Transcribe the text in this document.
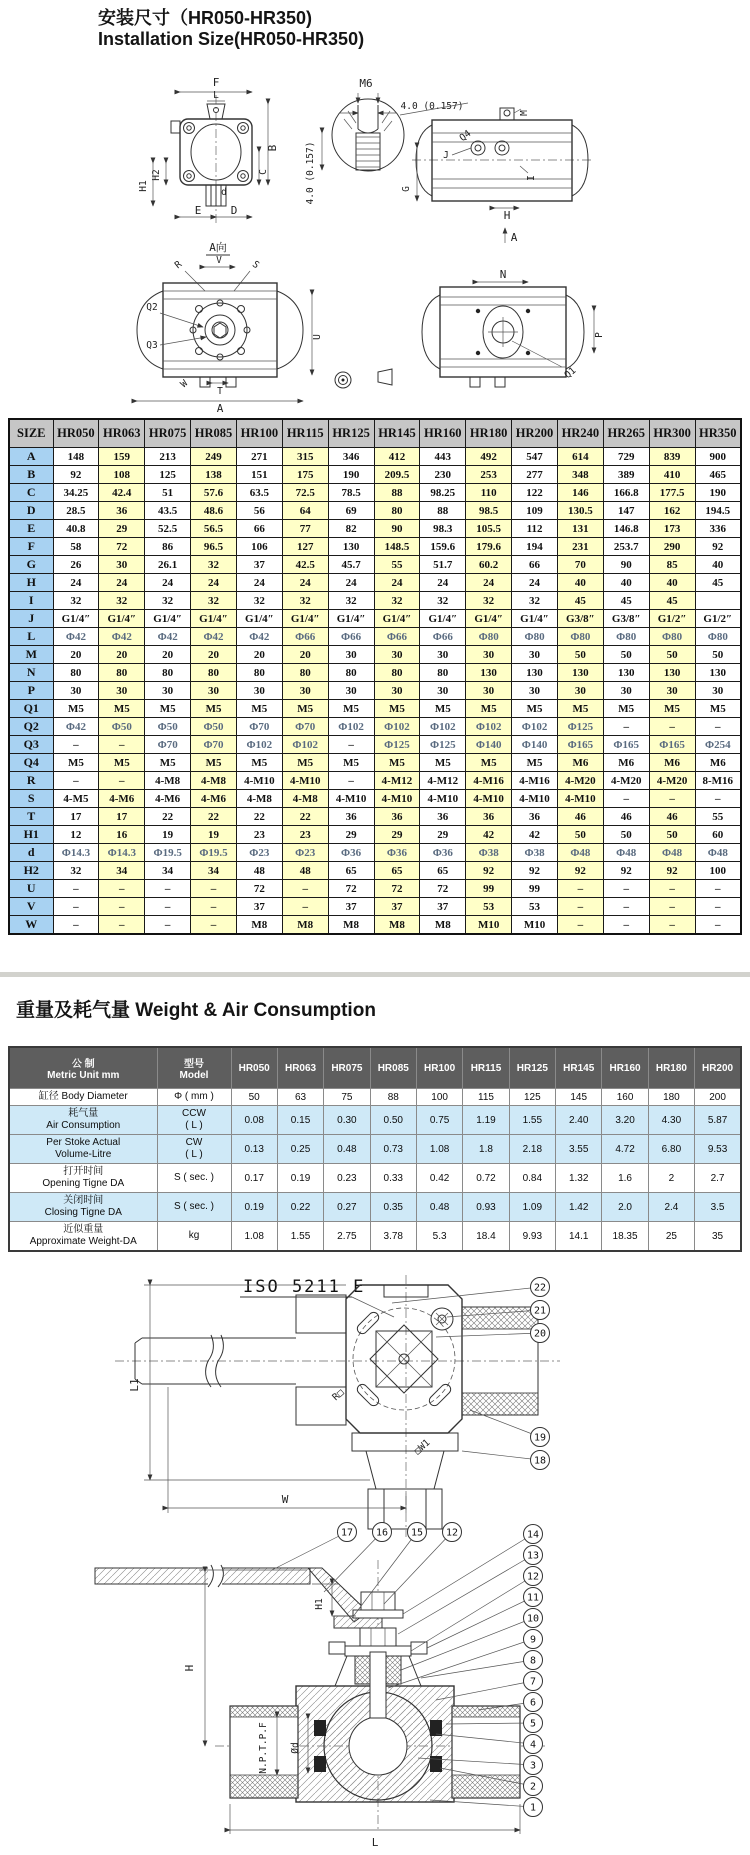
安装尺寸（HR050-HR350)
Installation Size(HR050-HR350)
F
L
B
C
d
H2
H1
E	D
M6
4.0 (0.157)
4.0 (0.157)
M
Q4
J
I
G
H
A
A向
V
R	S
Q2
Q3
U
W
T
A
N
P
Q1
SIZE	HR050	HR063	HR075	HR085	HR100	HR115	HR125	HR145	HR160	HR180	HR200	HR240	HR265	HR300	HR350
A	148	159	213	249	271	315	346	412	443	492	547	614	729	839	900
B	92	108	125	138	151	175	190	209.5	230	253	277	348	389	410	465
C	34.25	42.4	51	57.6	63.5	72.5	78.5	88	98.25	110	122	146	166.8	177.5	190
D	28.5	36	43.5	48.6	56	64	69	80	88	98.5	109	130.5	147	162	194.5
E	40.8	29	52.5	56.5	66	77	82	90	98.3	105.5	112	131	146.8	173	336
F	58	72	86	96.5	106	127	130	148.5	159.6	179.6	194	231	253.7	290	92
G	26	30	26.1	32	37	42.5	45.7	55	51.7	60.2	66	70	90	85	40
H	24	24	24	24	24	24	24	24	24	24	24	40	40	40	45
I	32	32	32	32	32	32	32	32	32	32	32	45	45	45	
J	G1/4″	G1/4″	G1/4″	G1/4″	G1/4″	G1/4″	G1/4″	G1/4″	G1/4″	G1/4″	G1/4″	G3/8″	G3/8″	G1/2″	G1/2″
L	Φ42	Φ42	Φ42	Φ42	Φ42	Φ66	Φ66	Φ66	Φ66	Φ80	Φ80	Φ80	Φ80	Φ80	Φ80
M	20	20	20	20	20	20	30	30	30	30	30	50	50	50	50
N	80	80	80	80	80	80	80	80	80	130	130	130	130	130	130
P	30	30	30	30	30	30	30	30	30	30	30	30	30	30	30
Q1	M5	M5	M5	M5	M5	M5	M5	M5	M5	M5	M5	M5	M5	M5	M5
Q2	Φ42	Φ50	Φ50	Φ50	Φ70	Φ70	Φ102	Φ102	Φ102	Φ102	Φ102	Φ125	–	–	–
Q3	–	–	Φ70	Φ70	Φ102	Φ102	–	Φ125	Φ125	Φ140	Φ140	Φ165	Φ165	Φ165	Φ254
Q4	M5	M5	M5	M5	M5	M5	M5	M5	M5	M5	M5	M6	M6	M6	M6
R	–	–	4-M8	4-M8	4-M10	4-M10	–	4-M12	4-M12	4-M16	4-M16	4-M20	4-M20	4-M20	8-M16
S	4-M5	4-M6	4-M6	4-M6	4-M8	4-M8	4-M10	4-M10	4-M10	4-M10	4-M10	4-M10	–	–	–
T	17	17	22	22	22	22	36	36	36	36	36	46	46	46	55
H1	12	16	19	19	23	23	29	29	29	42	42	50	50	50	60
d	Φ14.3	Φ14.3	Φ19.5	Φ19.5	Φ23	Φ23	Φ36	Φ36	Φ36	Φ38	Φ38	Φ48	Φ48	Φ48	Φ48
H2	32	34	34	34	48	48	65	65	65	92	92	92	92	92	100
U	–	–	–	–	72	–	72	72	72	99	99	–	–	–	–
V	–	–	–	–	37	–	37	37	37	53	53	–	–	–	–
W	–	–	–	–	M8	M8	M8	M8	M8	M10	M10	–	–	–	–
重量及耗气量 Weight & Air Consumption
公 制
Metric Unit mm

型号
Model

HR050	HR063	HR075	HR085	HR100	HR115	HR125	HR145	HR160	HR180	HR200

缸径 Body Diameter	Φ ( mm )	50	63	75	88	100	115	125	145	160	180	200

耗气量
Air Consumption

CCW
( L )	0.08	0.15	0.30	0.50	0.75	1.19	1.55	2.40	3.20	4.30	5.87

Per Stoke Actual
Volume-Litre

CW
( L )	0.13	0.25	0.48	0.73	1.08	1.8	2.18	3.55	4.72	6.80	9.53

打开时间
Opening Tigne DA	S ( sec. )	0.17	0.19	0.23	0.33	0.42	0.72	0.84	1.32	1.6	2	2.7

关闭时间
Closing Tigne DA	S ( sec. )	0.19	0.22	0.27	0.35	0.48	0.93	1.09	1.42	2.0	2.4	3.5

近似重量
Approximate Weight-DA	kg	1.08	1.55	2.75	3.78	5.3	18.4	9.93	14.1	18.35	25	35
ISO 5211 E
R□
□W1
L1
W
22
21
20
19
18
H
H1
N.P.T.P.F Ød
L
17 16 15 12	14
13
12
11
10
9
8
7
6
5
4
3
2
1
